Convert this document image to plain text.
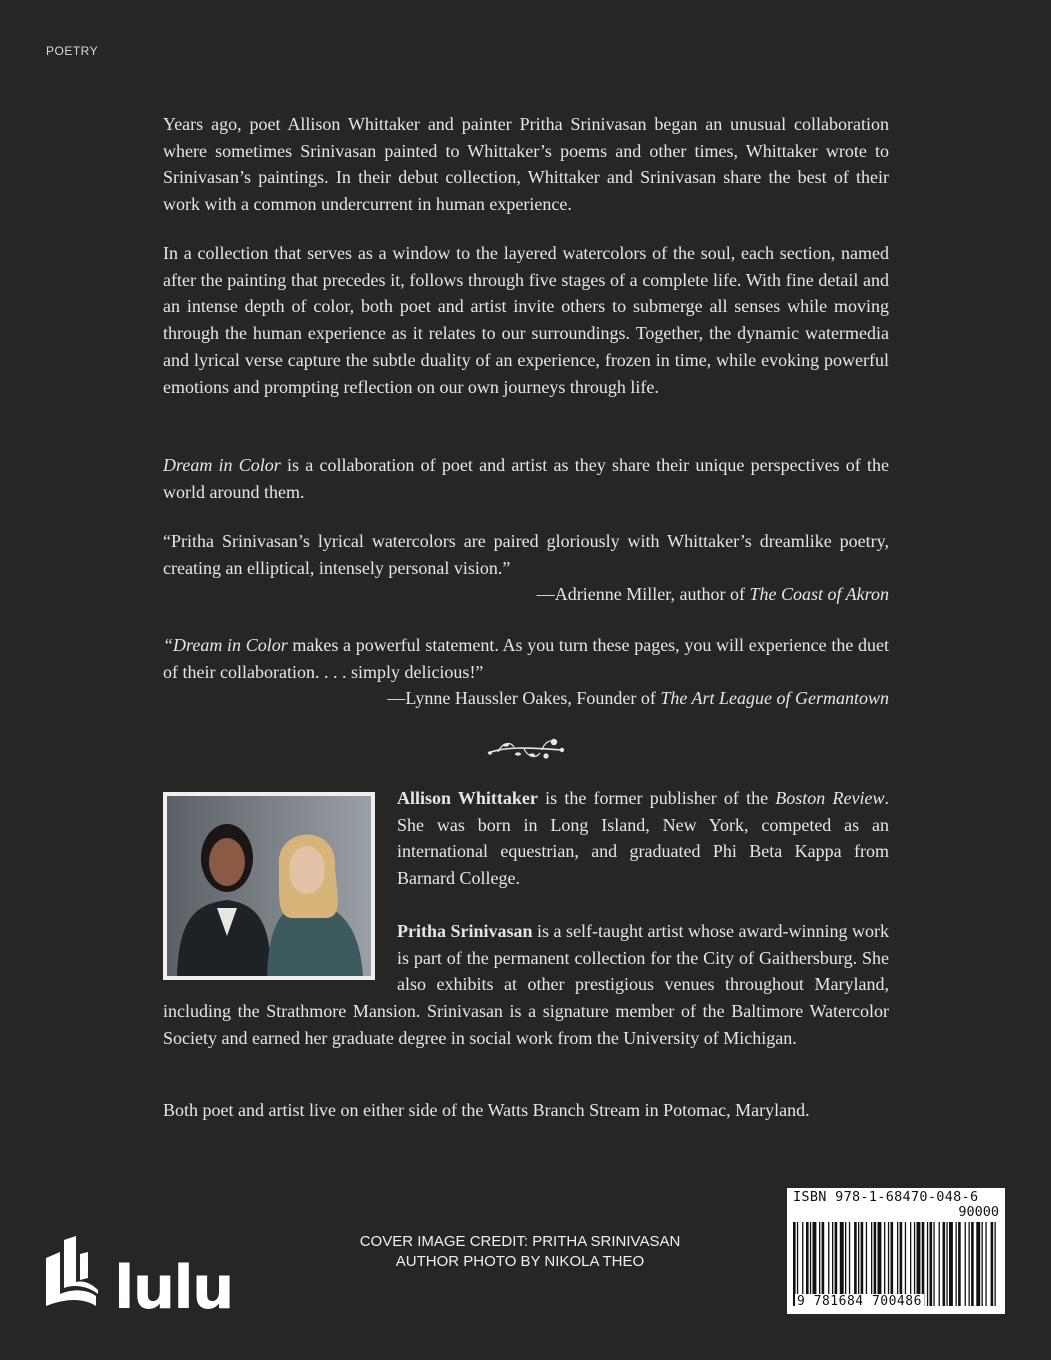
POETRY

Years ago, poet Allison Whittaker and painter Pritha Srinivasan began an unusual collaboration where sometimes Srinivasan painted to Whittaker’s poems and other times, Whittaker wrote to Srinivasan’s paintings. In their debut collection, Whittaker and Srinivasan share the best of their work with a common undercurrent in human experience.

In a collection that serves as a window to the layered watercolors of the soul, each section, named after the painting that precedes it, follows through five stages of a complete life. With fine detail and an intense depth of color, both poet and artist invite others to submerge all senses while moving through the human experience as it relates to our surroundings. Together, the dynamic watermedia and lyrical verse capture the subtle duality of an experience, frozen in time, while evoking powerful emotions and prompting reflection on our own journeys through life.

Dream in Color is a collaboration of poet and artist as they share their unique perspectives of the world around them.

“Pritha Srinivasan’s lyrical watercolors are paired gloriously with Whittaker’s dreamlike poetry, creating an elliptical, intensely personal vision.”

—Adrienne Miller, author of The Coast of Akron

“Dream in Color makes a powerful statement. As you turn these pages, you will experience the duet of their collaboration. . . . simply delicious!”

—Lynne Haussler Oakes, Founder of The Art League of Germantown

Allison Whittaker is the former publisher of the Boston Review. She was born in Long Island, New York, competed as an international equestrian, and graduated Phi Beta Kappa from Barnard College.

Pritha Srinivasan is a self-taught artist whose award-winning work is part of the permanent collection for the City of Gaithersburg. She also exhibits at other prestigious venues throughout Maryland, including the Strathmore Mansion. Srinivasan is a signature member of the Baltimore Watercolor Society and earned her graduate degree in social work from the University of Michigan.

Both poet and artist live on either side of the Watts Branch Stream in Potomac, Maryland.

lulu
COVER IMAGE CREDIT: PRITHA SRINIVASAN
AUTHOR PHOTO BY NIKOLA THEO
ISBN 978-1-68470-048-6
90000
9 781684 700486
